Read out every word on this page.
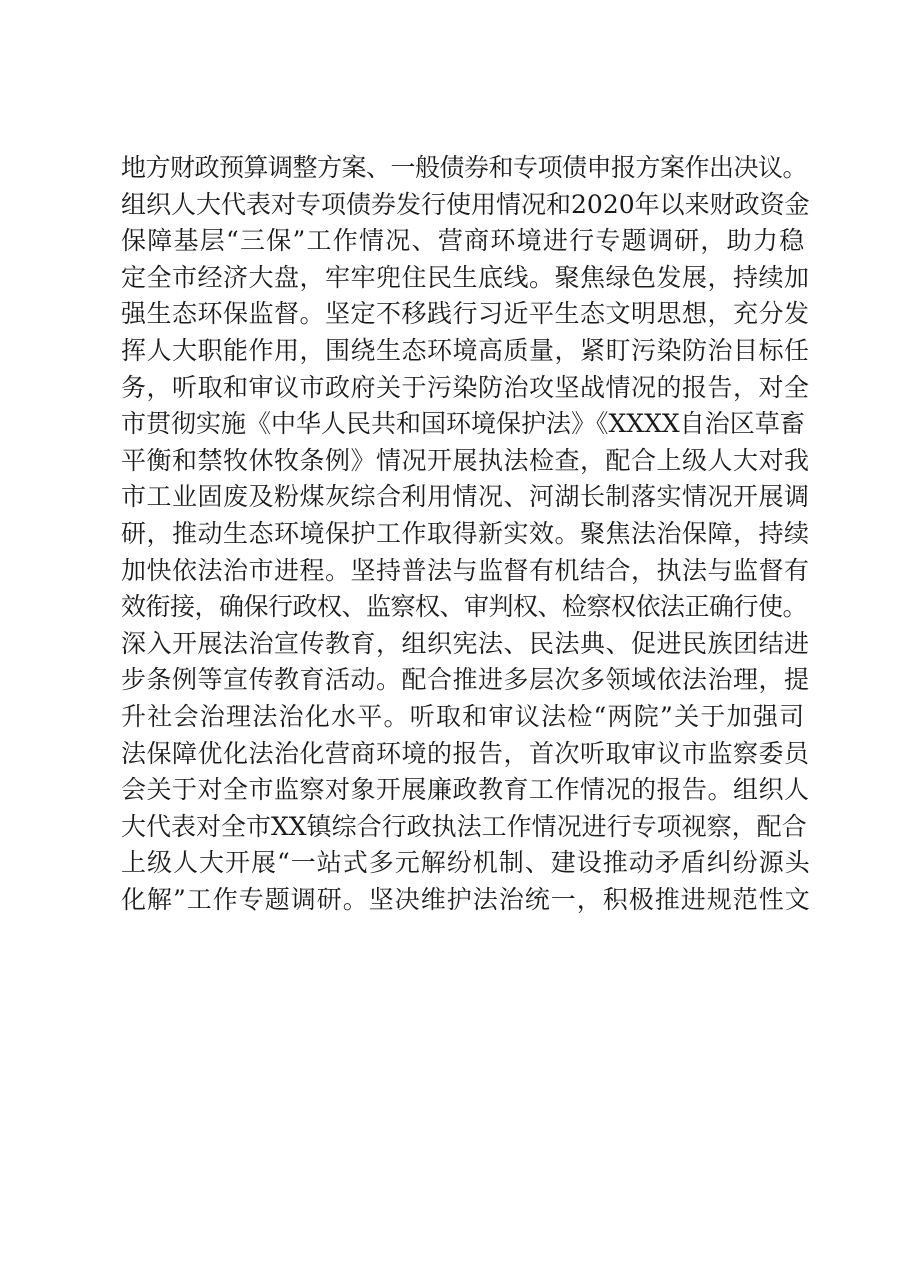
地方财政预算调整方案、一般债券和专项债申报方案作出决议。
组织人大代表对专项债券发行使用情况和2020年以来财政资金
保障基层“三保”工作情况、营商环境进行专题调研，助力稳
定全市经济大盘，牢牢兜住民生底线。聚焦绿色发展，持续加
强生态环保监督。坚定不移践行习近平生态文明思想，充分发
挥人大职能作用，围绕生态环境高质量，紧盯污染防治目标任
务，听取和审议市政府关于污染防治攻坚战情况的报告，对全
市贯彻实施《中华人民共和国环境保护法》《XXXX自治区草畜
平衡和禁牧休牧条例》情况开展执法检查，配合上级人大对我
市工业固废及粉煤灰综合利用情况、河湖长制落实情况开展调
研，推动生态环境保护工作取得新实效。聚焦法治保障，持续
加快依法治市进程。坚持普法与监督有机结合，执法与监督有
效衔接，确保行政权、监察权、审判权、检察权依法正确行使。
深入开展法治宣传教育，组织宪法、民法典、促进民族团结进
步条例等宣传教育活动。配合推进多层次多领域依法治理，提
升社会治理法治化水平。听取和审议法检“两院”关于加强司
法保障优化法治化营商环境的报告，首次听取审议市监察委员
会关于对全市监察对象开展廉政教育工作情况的报告。组织人
大代表对全市XX镇综合行政执法工作情况进行专项视察，配合
上级人大开展“一站式多元解纷机制、建设推动矛盾纠纷源头
化解”工作专题调研。坚决维护法治统一，积极推进规范性文
